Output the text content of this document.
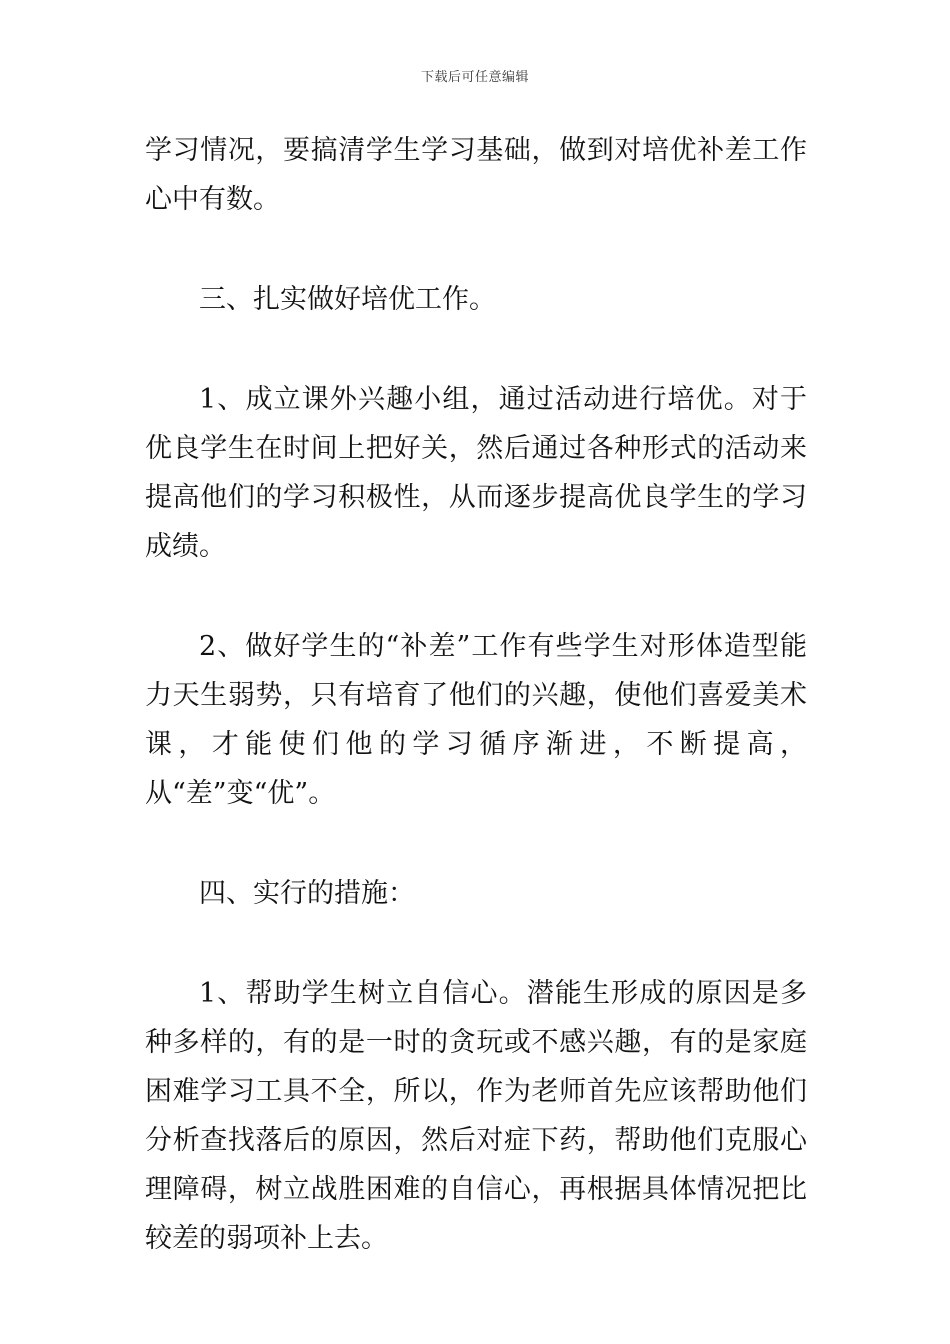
下载后可任意编辑

学习情况，要搞清学生学习基础，做到对培优补差工作心中有数。

三、扎实做好培优工作。

1、成立课外兴趣小组，通过活动进行培优。对于优良学生在时间上把好关，然后通过各种形式的活动来提高他们的学习积极性，从而逐步提高优良学生的学习成绩。

2、做好学生的“补差”工作有些学生对形体造型能力天生弱势，只有培育了他们的兴趣，使他们喜爱美术课，才能使们他的学习循序渐进，不断提高，从“差”变“优”。

四、实行的措施：

1、帮助学生树立自信心。潜能生形成的原因是多种多样的，有的是一时的贪玩或不感兴趣，有的是家庭困难学习工具不全，所以，作为老师首先应该帮助他们分析查找落后的原因，然后对症下药，帮助他们克服心理障碍，树立战胜困难的自信心，再根据具体情况把比较差的弱项补上去。
